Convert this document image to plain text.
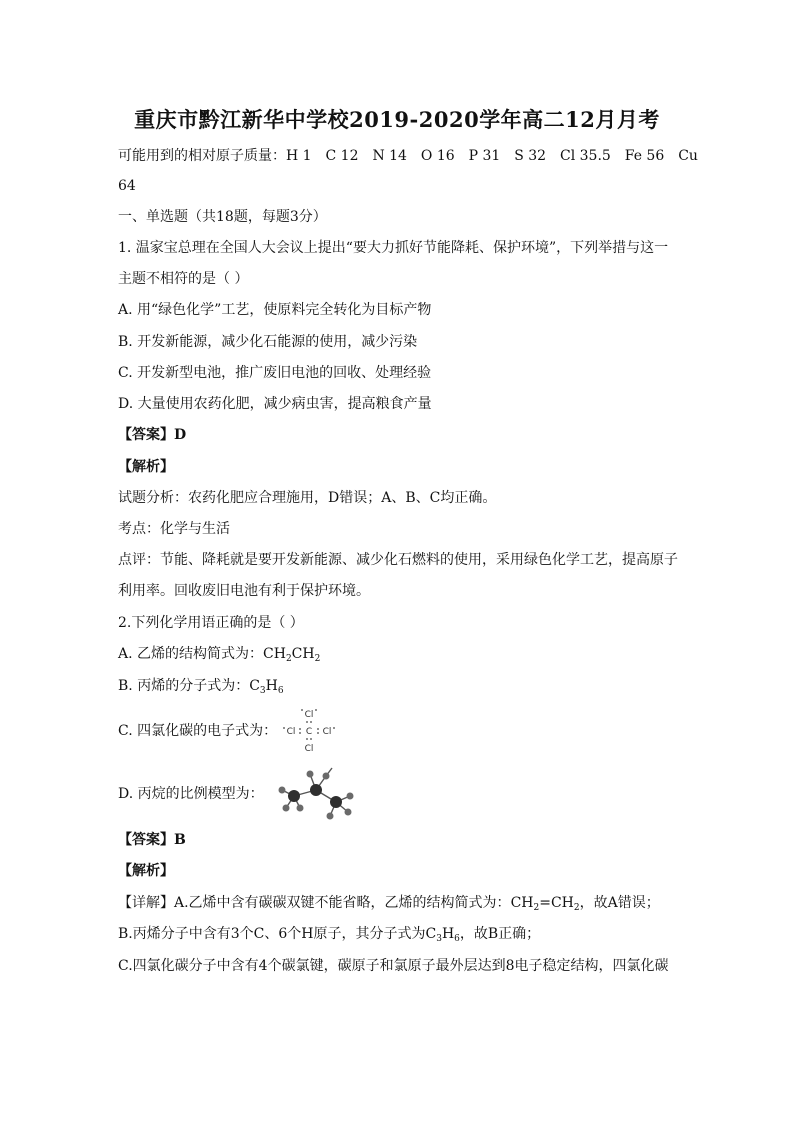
重庆市黔江新华中学校2019-2020学年高二12月月考
可能用到的相对原子质量：H 1 C 12 N 14 O 16 P 31 S 32 Cl 35.5 Fe 56 Cu
64
一、单选题（共18题，每题3分）
1. 温家宝总理在全国人大会议上提出“要大力抓好节能降耗、保护环境”，下列举措与这一
主题不相符的是（ ）
A. 用“绿色化学”工艺，使原料完全转化为目标产物
B. 开发新能源，减少化石能源的使用，减少污染
C. 开发新型电池，推广废旧电池的回收、处理经验
D. 大量使用农药化肥，减少病虫害，提高粮食产量
【答案】D
【解析】
试题分析：农药化肥应合理施用，D错误；A、B、C均正确。
考点：化学与生活
点评：节能、降耗就是要开发新能源、减少化石燃料的使用，采用绿色化学工艺，提高原子
利用率。回收废旧电池有利于保护环境。
2.下列化学用语正确的是（ ）
A. 乙烯的结构简式为：$CH_2CH_2$
B. 丙烯的分子式为：$C_3H_6$
C. 四氯化碳的电子式为：
Cl
Cl C Cl
Cl
D. 丙烷的比例模型为：
【答案】B
【解析】
【详解】A.乙烯中含有碳碳双键不能省略，乙烯的结构简式为：$CH_2=CH_2$，故A错误；
B.丙烯分子中含有3个C、6个H原子，其分子式为$C_3H_6$，故B正确；
C.四氯化碳分子中含有4个碳氯键，碳原子和氯原子最外层达到8电子稳定结构，四氯化碳
